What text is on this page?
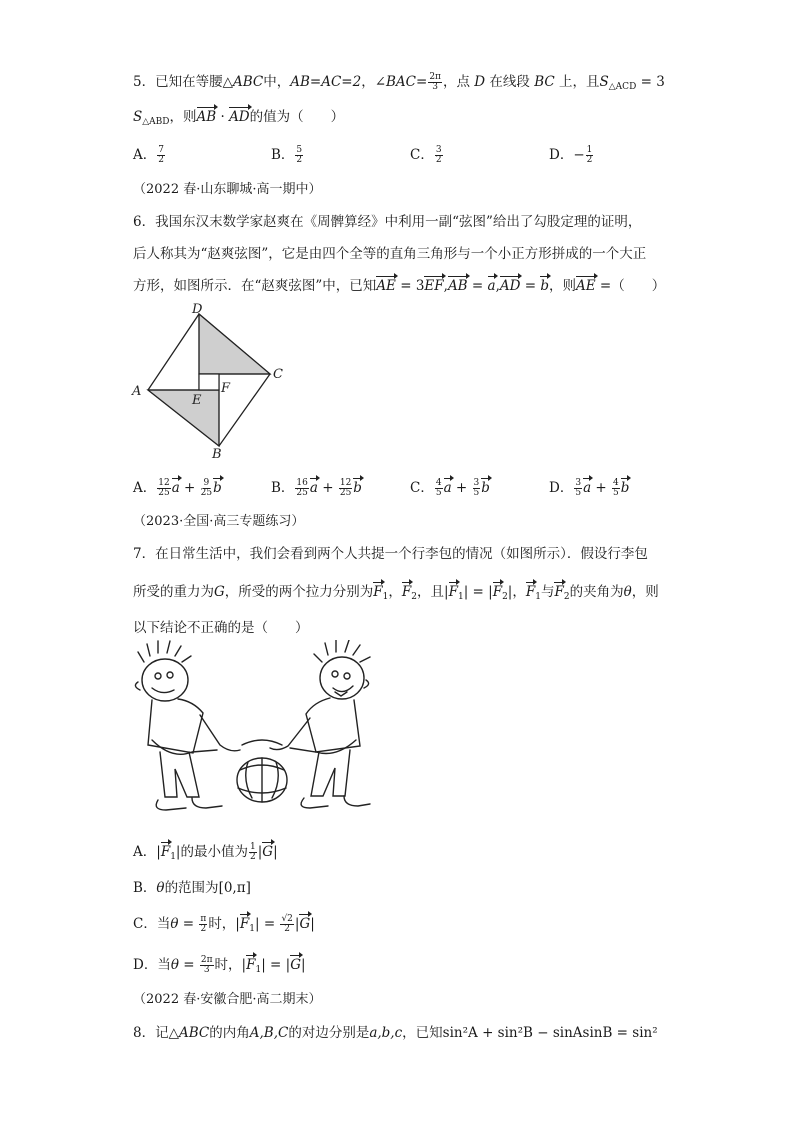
5．已知在等腰△ABC中，AB=AC=2，∠BAC= $\frac{2\pi}{3}$ ，点 D 在线段 BC 上，且$S_{\triangle ACD} = 3$
$S_{\triangle ABD}$，则AB · AD的值为（　　）
A． $\frac{7}{2}$	B． $\frac{5}{2}$	C． $\frac{3}{2}$	D．− $\frac{1}{2}$
（2022 春·山东聊城·高一期中）
6．我国东汉末数学家赵爽在《周髀算经》中利用一副“弦图”给出了勾股定理的证明，
后人称其为“赵爽弦图”，它是由四个全等的直角三角形与一个小正方形拼成的一个大正
方形，如图所示．在“赵爽弦图”中，已知AE = 3EF,AB = a,AD = b，则AE =（　　）
D
A
C
B
E
F
A． $\frac{12}{25}$ $a + \frac{9}{25}$ b	B． $\frac{16}{25}$ $a + \frac{12}{25}$ b	C． $\frac{4}{5}$ $a + \frac{3}{5}$ b	D． $\frac{3}{5}$ $a + \frac{4}{5}$ b
（2023·全国·高三专题练习）
7．在日常生活中，我们会看到两个人共提一个行李包的情况（如图所示）．假设行李包
所受的重力为G，所受的两个拉力分别为$F_1$，$F_2$，且$|F_1| = |F_2|$，$F_1$与$F_2$的夹角为θ，则
以下结论不正确的是（　　）
A．$|F_1|$的最小值为 $\frac{1}{2} |G|$
B．θ的范围为[0,π]
C．当$\theta = \frac{\pi}{2}$ 时，$|F_1| = \frac{√2}{2} |G|$
D．当$\theta = \frac{2\pi}{3}$ 时，$|F_1| = |G|$
（2022 春·安徽合肥·高二期末）
8．记△ABC的内角A,B,C的对边分别是a,b,c，已知sin²A + sin²B − sinAsinB = sin²
